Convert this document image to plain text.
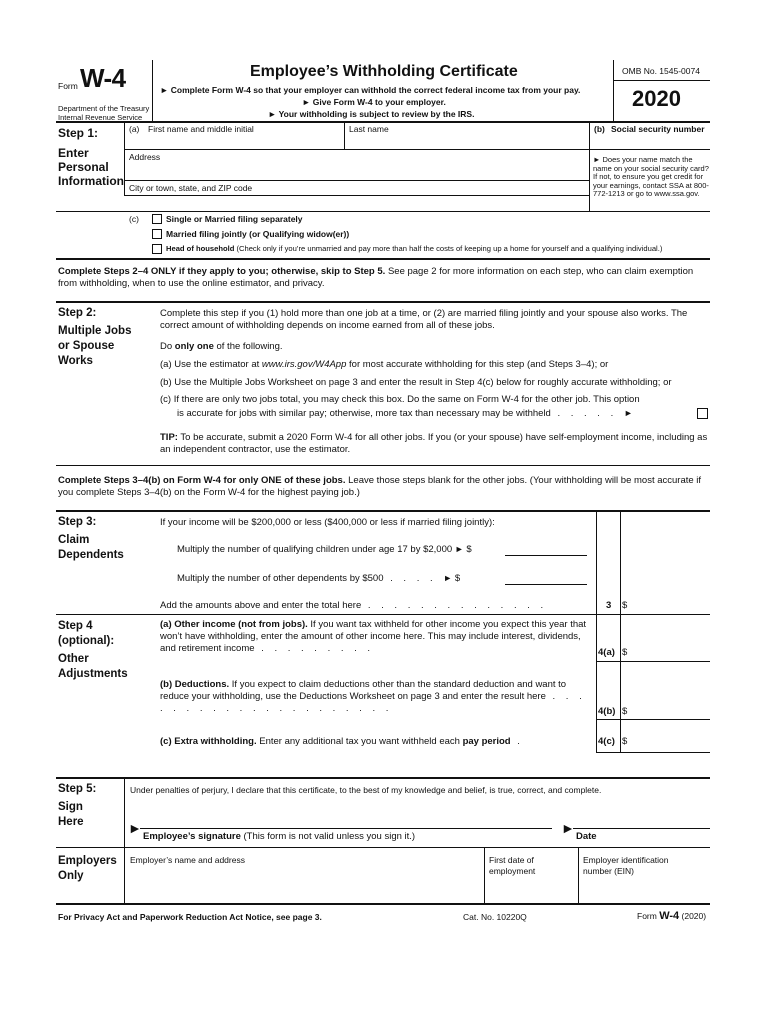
Form W-4
Department of the Treasury
Internal Revenue Service
Employee’s Withholding Certificate
► Complete Form W-4 so that your employer can withhold the correct federal income tax from your pay.
► Give Form W-4 to your employer.
► Your withholding is subject to review by the IRS.
OMB No. 1545-0074
2020
Step 1:
Enter
Personal
Information
(a) First name and middle initial	Last name	(b) Social security number
Address
City or town, state, and ZIP code
► Does your name match the name on your social security card? If not, to ensure you get credit for your earnings, contact SSA at 800-772-1213 or go to www.ssa.gov.
(c)	Single or Married filing separately
Married filing jointly (or Qualifying widow(er))
Head of household (Check only if you’re unmarried and pay more than half the costs of keeping up a home for yourself and a qualifying individual.)
Complete Steps 2–4 ONLY if they apply to you; otherwise, skip to Step 5. See page 2 for more information on each step, who can claim exemption from withholding, when to use the online estimator, and privacy.
Step 2:
Multiple Jobs
or Spouse
Works
Complete this step if you (1) hold more than one job at a time, or (2) are married filing jointly and your spouse also works. The correct amount of withholding depends on income earned from all of these jobs.
Do only one of the following.
(a) Use the estimator at www.irs.gov/W4App for most accurate withholding for this step (and Steps 3–4); or
(b) Use the Multiple Jobs Worksheet on page 3 and enter the result in Step 4(c) below for roughly accurate withholding; or
(c) If there are only two jobs total, you may check this box. Do the same on Form W-4 for the other job. This option
is accurate for jobs with similar pay; otherwise, more tax than necessary may be withheld . . . . . ►
TIP: To be accurate, submit a 2020 Form W-4 for all other jobs. If you (or your spouse) have self-employment income, including as an independent contractor, use the estimator.
Complete Steps 3–4(b) on Form W-4 for only ONE of these jobs. Leave those steps blank for the other jobs. (Your withholding will be most accurate if you complete Steps 3–4(b) on the Form W-4 for the highest paying job.)
Step 3:
Claim
Dependents
If your income will be $200,000 or less ($400,000 or less if married filing jointly):
Multiply the number of qualifying children under age 17 by $2,000 ► $
Multiply the number of other dependents by $500 . . . . ► $
Add the amounts above and enter the total here . . . . . . . . . . . . . .	3 $
Step 4
(optional):
Other
Adjustments
(a) Other income (not from jobs). If you want tax withheld for other income you expect this year that won’t have withholding, enter the amount of other income here. This may include interest, dividends, and retirement income . . . . . . . . .	4(a) $
(b) Deductions. If you expect to claim deductions other than the standard deduction and want to reduce your withholding, use the Deductions Worksheet on page 3 and enter the result here . . . . . . . . . . . . . . . . . . . . .	4(b) $
(c) Extra withholding. Enter any additional tax you want withheld each pay period .	4(c) $
Step 5:
Sign
Here
Under penalties of perjury, I declare that this certificate, to the best of my knowledge and belief, is true, correct, and complete.
►
Employee’s signature (This form is not valid unless you sign it.)
►
Date
Employers
Only
Employer’s name and address	First date of
employment
Employer identification
number (EIN)
For Privacy Act and Paperwork Reduction Act Notice, see page 3.	Cat. No. 10220Q	Form W-4 (2020)
